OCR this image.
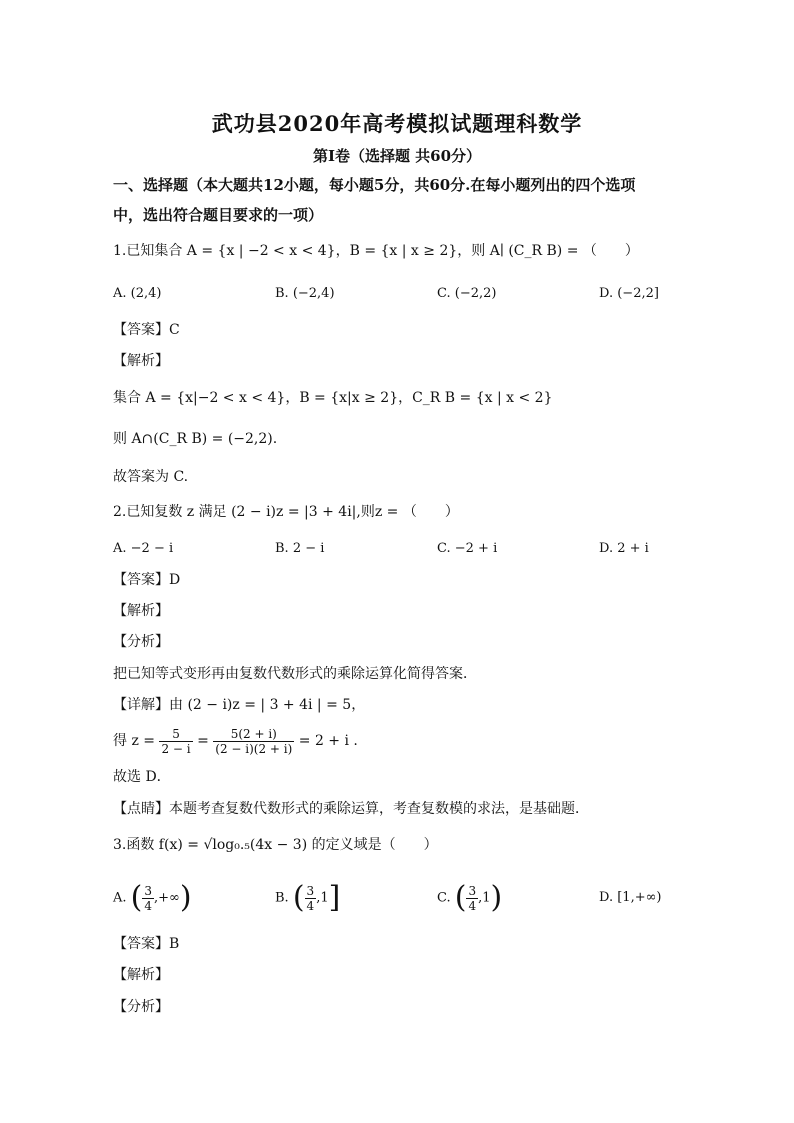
武功县2020年高考模拟试题理科数学
第Ⅰ卷（选择题 共60分）
一、选择题（本大题共12小题，每小题5分，共60分.在每小题列出的四个选项
中，选出符合题目要求的一项）
1.已知集合 A = {x | −2 < x < 4}，B = {x | x ≥ 2}，则 A∣ (C_R B) = （　　）
A. (2,4)	B. (−2,4)	C. (−2,2)	D. (−2,2]
【答案】C
【解析】
集合 A = {x|−2 < x < 4}，B = {x|x ≥ 2}，C_R B = {x | x < 2}
则 A∩(C_R B) = (−2,2).
故答案为 C.
2.已知复数 z 满足 (2 − i)z = |3 + 4i|,则z = （　　）
A. −2 − i	B. 2 − i	C. −2 + i	D. 2 + i
【答案】D
【解析】
【分析】
把已知等式变形再由复数代数形式的乘除运算化简得答案．
【详解】由 (2 − i)z = | 3 + 4i | = 5，
得 $z = \frac{5}{2 - i} = \frac{5(2 + i)}{(2 - i)(2 + i)} = 2 + i$ .
故选 D．
【点睛】本题考查复数代数形式的乘除运算，考查复数模的求法，是基础题．
3.函数 f(x) = √log₀.₅(4x − 3) 的定义域是（　　）
A. ( $\frac{3}{4}$ ,+∞)	B. ( $\frac{3}{4} ,1$]	C. ( $\frac{3}{4} ,1$)	D. [1,+∞)
【答案】B
【解析】
【分析】
